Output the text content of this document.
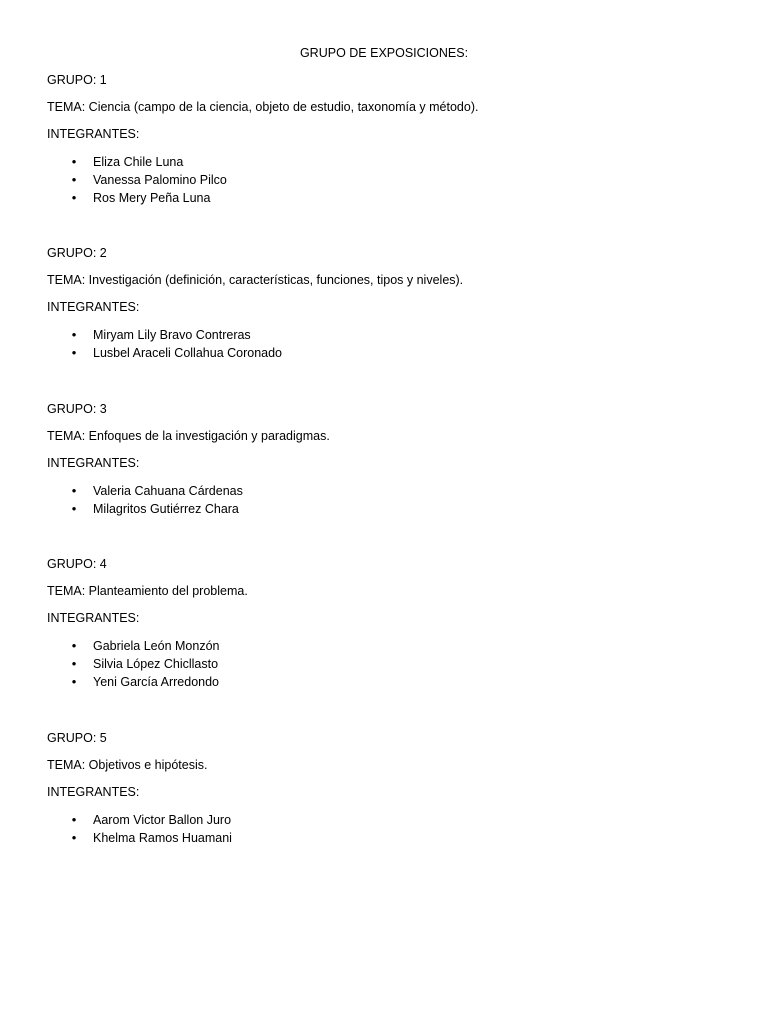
GRUPO DE EXPOSICIONES:
GRUPO: 1
TEMA: Ciencia (campo de la ciencia, objeto de estudio, taxonomía y método).
INTEGRANTES:
• Eliza Chile Luna
• Vanessa Palomino Pilco
• Ros Mery Peña Luna
GRUPO: 2
TEMA: Investigación (definición, características, funciones, tipos y niveles).
INTEGRANTES:
• Miryam Lily Bravo Contreras
• Lusbel Araceli Collahua Coronado
GRUPO: 3
TEMA: Enfoques de la investigación y paradigmas.
INTEGRANTES:
• Valeria Cahuana Cárdenas
• Milagritos Gutiérrez Chara
GRUPO: 4
TEMA: Planteamiento del problema.
INTEGRANTES:
• Gabriela León Monzón
• Silvia López Chicllasto
• Yeni García Arredondo
GRUPO: 5
TEMA: Objetivos e hipótesis.
INTEGRANTES:
• Aarom Victor Ballon Juro
• Khelma Ramos Huamani
